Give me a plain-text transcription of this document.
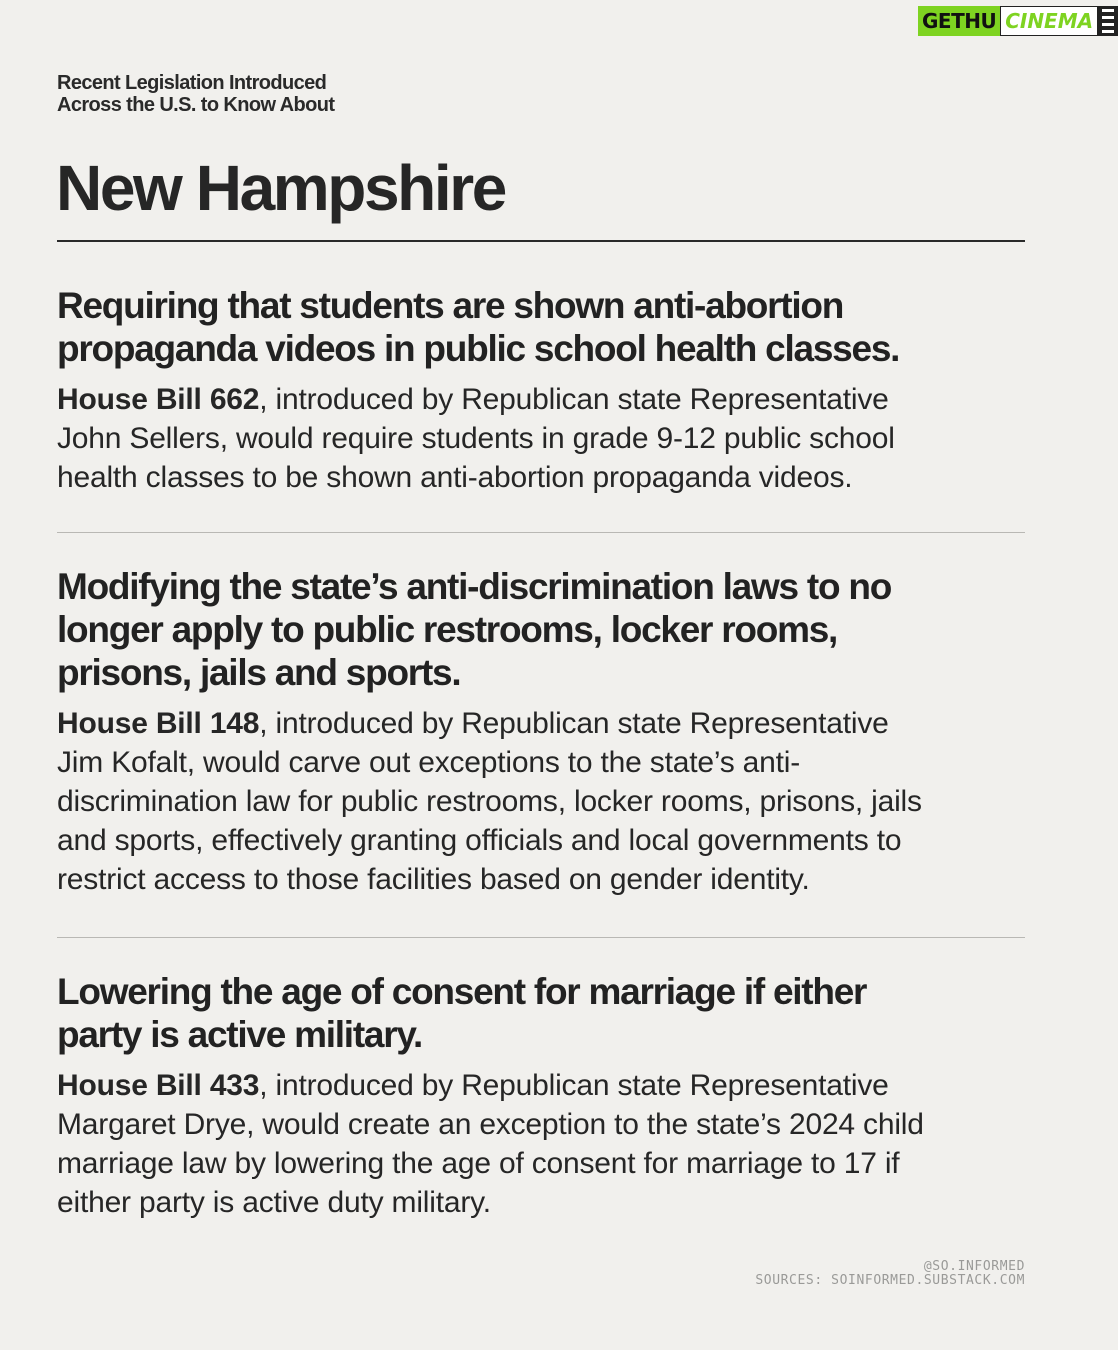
GETHU CINEMA
Recent Legislation Introduced
Across the U.S. to Know About
New Hampshire
Requiring that students are shown anti-abortion
propaganda videos in public school health classes.
House Bill 662, introduced by Republican state Representative
John Sellers, would require students in grade 9-12 public school
health classes to be shown anti-abortion propaganda videos.
Modifying the state’s anti-discrimination laws to no
longer apply to public restrooms, locker rooms,
prisons, jails and sports.
House Bill 148, introduced by Republican state Representative
Jim Kofalt, would carve out exceptions to the state’s anti-
discrimination law for public restrooms, locker rooms, prisons, jails
and sports, effectively granting officials and local governments to
restrict access to those facilities based on gender identity.
Lowering the age of consent for marriage if either
party is active military.
House Bill 433, introduced by Republican state Representative
Margaret Drye, would create an exception to the state’s 2024 child
marriage law by lowering the age of consent for marriage to 17 if
either party is active duty military.
@SO.INFORMED
SOURCES: SOINFORMED.SUBSTACK.COM
